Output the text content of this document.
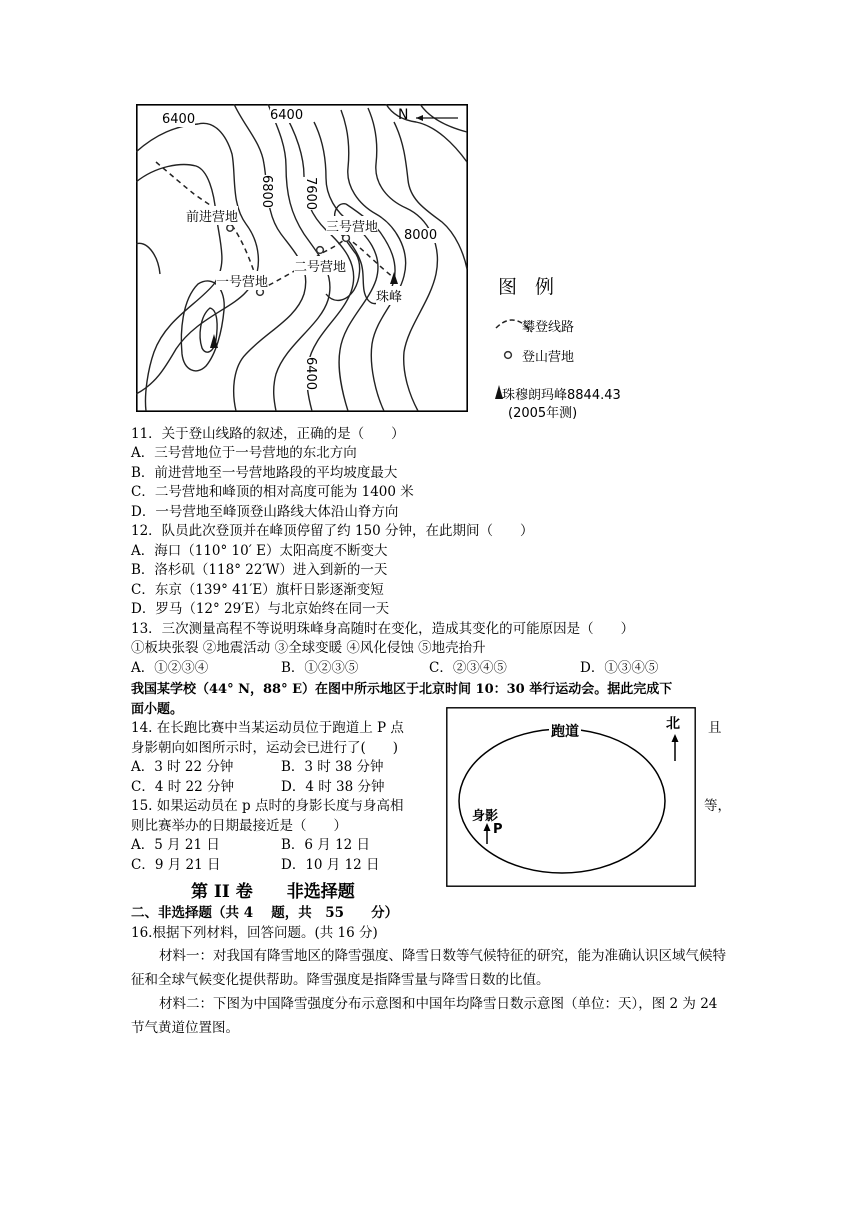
6400	6400
6800 7600
8000
6400
N
前进营地
一号营地
二号营地
三号营地
珠峰	图 例
攀登线路
登山营地
珠穆朗玛峰8844.43
(2005年测)
11．关于登山线路的叙述，正确的是（　　）
A．三号营地位于一号营地的东北方向
B．前进营地至一号营地路段的平均坡度最大
C．二号营地和峰顶的相对高度可能为 1400 米
D．一号营地至峰顶登山路线大体沿山脊方向
12．队员此次登顶并在峰顶停留了约 150 分钟，在此期间（　　）
A．海口（110° 10′ E）太阳高度不断变大
B．洛杉矶（118° 22′W）进入到新的一天
C．东京（139° 41′E）旗杆日影逐渐变短
D．罗马（12° 29′E）与北京始终在同一天
13．三次测量高程不等说明珠峰身高随时在变化，造成其变化的可能原因是（　　）
①板块张裂 ②地震活动 ③全球变暖 ④风化侵蚀 ⑤地壳抬升
A．①②③④	B．①②③⑤	C．②③④⑤	D．①③④⑤
我国某学校（44° N，88° E）在图中所示地区于北京时间 10：30 举行运动会。据此完成下
面小题。
14. 在长跑比赛中当某运动员位于跑道上 P 点	且
身影朝向如图所示时，运动会已进行了(　　)
A．3 时 22 分钟	B．3 时 38 分钟
C．4 时 22 分钟	D．4 时 38 分钟
15. 如果运动员在 p 点时的身影长度与身高相	等，
则比赛举办的日期最接近是（　　）
A．5 月 21 日	B．6 月 12 日
C．9 月 21 日	D．10 月 12 日
跑道	北
身影
P
第 II 卷　　非选择题
二、非选择题（共 4　 题，共　55　　分）
16.根据下列材料，回答问题。(共 16 分)
材料一：对我国有降雪地区的降雪强度、降雪日数等气候特征的研究，能为准确认识区域气候特征和全球气候变化提供帮助。降雪强度是指降雪量与降雪日数的比值。
材料二：下图为中国降雪强度分布示意图和中国年均降雪日数示意图（单位：天），图 2 为 24 节气黄道位置图。
